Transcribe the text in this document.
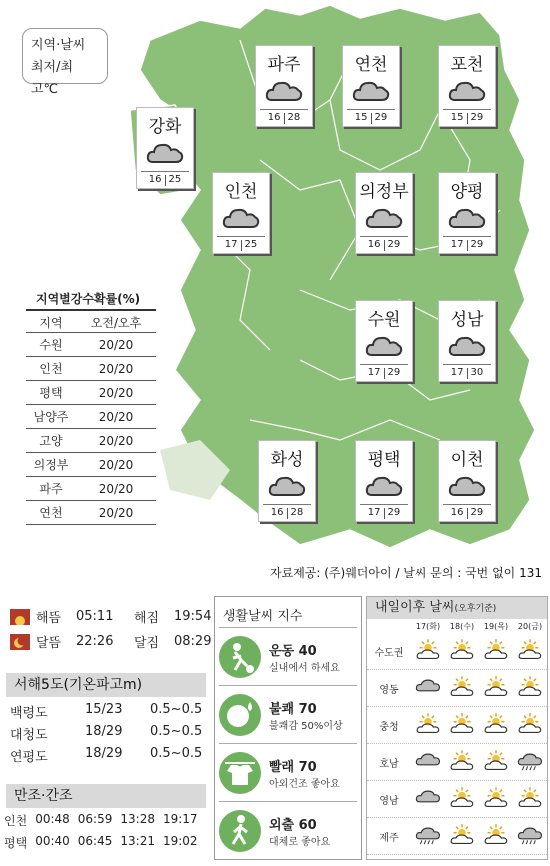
지역·날씨
최저/최고℃
파주
16 28
연천
15 29
포천
15 29
강화
16 25
인천
17 25
의정부
16 29
양평
17 29
수원
17 29
성남
17 30
화성
16 28
평택
17 29
이천
16 29
지역별강수확률(%)
지역	오전/오후
수원	20/20
인천	20/20
평택	20/20
남양주	20/20
고양	20/20
의정부	20/20
파주	20/20
연천	20/20
자료제공: (주)웨더아이 / 날씨 문의 : 국번 없이 131
해뜸	05:11	해짐	19:54
달뜸	22:26	달짐	08:29
서해5도(기온파고m)
백령도	15/23	0.5~0.5
대청도	18/29	0.5~0.5
연평도	18/29	0.5~0.5
만조·간조
인천 00:48 06:59 13:28 19:17
평택 00:40 06:45 13:21 19:02
생활날씨 지수
운동 40
실내에서 하세요
불쾌 70
불쾌감 50%이상
빨래 70
아외건조 좋아요
외출 60
대체로 좋아요
내일이후 날씨(오후기준)
17(화)	18(수)	19(목)	20(금)
수도권
영동
충청
호남
영남
제주
